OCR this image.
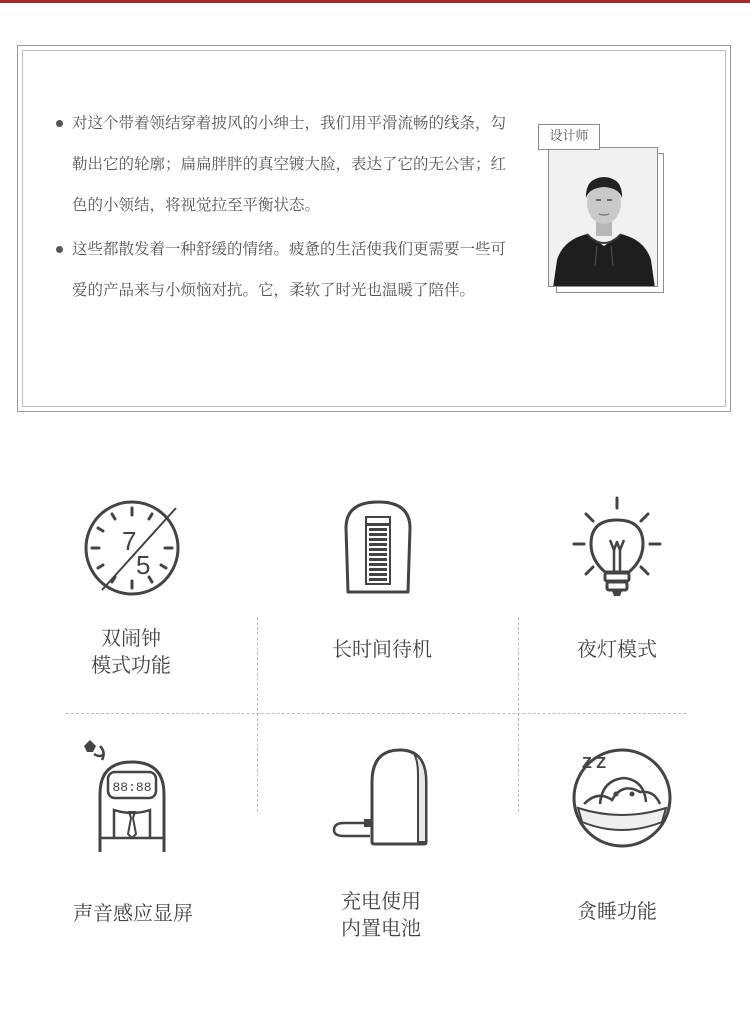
对这个带着领结穿着披风的小绅士，我们用平滑流畅的线条，勾勒出它的轮廓；扁扁胖胖的真空镀大脸，表达了它的无公害；红色的小领结，将视觉拉至平衡状态。
这些都散发着一种舒缓的情绪。疲惫的生活使我们更需要一些可爱的产品来与小烦恼对抗。它，柔软了时光也温暖了陪伴。
设计师
7
5
双闹钟
模式功能
长时间待机	夜灯模式
88:88
声音感应显屏	充电使用
内置电池
Z Z
贪睡功能
